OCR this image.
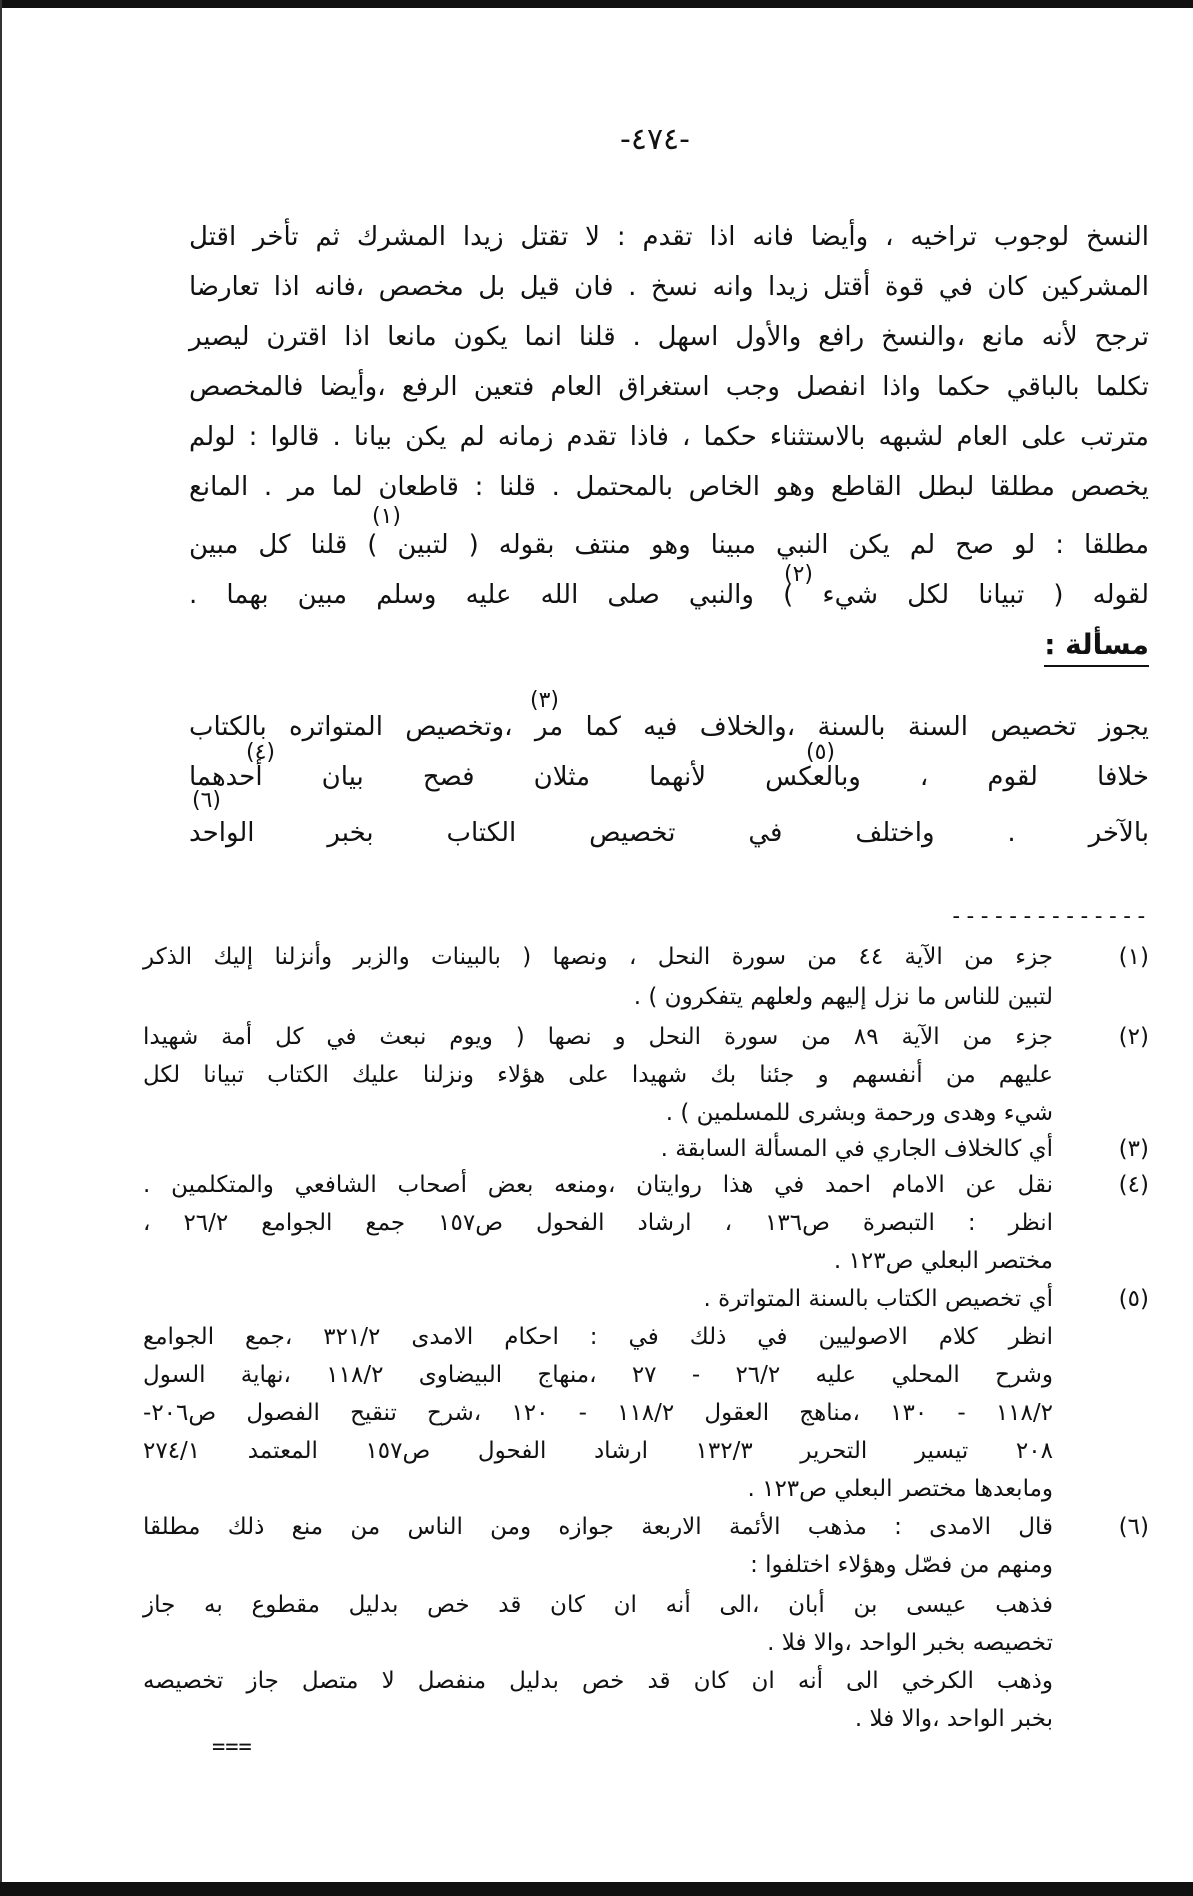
-٤٧٤-
النسخ لوجوب تراخيه ، وأيضا فانه اذا تقدم : لا تقتل زيدا المشرك ثم تأخر اقتل
المشركين كان في قوة أقتل زيدا وانه نسخ . فان قيل بل مخصص ،فانه اذا تعارضا
ترجح لأنه مانع ،والنسخ رافع والأول اسهل . قلنا انما يكون مانعا اذا اقترن ليصير
تكلما بالباقي حكما واذا انفصل وجب استغراق العام فتعين الرفع ،وأيضا فالمخصص
مترتب على العام لشبهه بالاستثناء حكما ، فاذا تقدم زمانه لم يكن بيانا . قالوا : لولم
يخصص مطلقا لبطل القاطع وهو الخاص بالمحتمل . قلنا : قاطعان لما مر . المانع
مطلقا : لو صح لم يكن النبي مبينا وهو منتف بقوله ( لتبين ) قلنا كل مبين
لقوله ( تبيانا لكل شيء ) والنبي صلى الله عليه وسلم مبين بهما .
(١)
(٢)
مسألة :
يجوز تخصيص السنة بالسنة ،والخلاف فيه كما مر ،وتخصيص المتواتره بالكتاب
خلافا لقوم ، وبالعكس لأنهما مثلان فصح بيان أحدهما
بالآخر . واختلف في تخصيص الكتاب بخبر الواحد
(٣)
(٤)	(٥)
(٦)
--------------
(١)
جزء من الآية ٤٤ من سورة النحل ، ونصها ( بالبينات والزبر وأنزلنا إليك الذكر
لتبين للناس ما نزل إليهم ولعلهم يتفكرون ) .
(٢)
جزء من الآية ٨٩ من سورة النحل و نصها ( ويوم نبعث في كل أمة شهيدا
عليهم من أنفسهم و جئنا بك شهيدا على هؤلاء ونزلنا عليك الكتاب تبيانا لكل
شيء وهدى ورحمة وبشرى للمسلمين ) .
(٣)
أي كالخلاف الجاري في المسألة السابقة .
(٤)
نقل عن الامام احمد في هذا روايتان ،ومنعه بعض أصحاب الشافعي والمتكلمين .
انظر : التبصرة ص١٣٦ ، ارشاد الفحول ص١٥٧ جمع الجوامع ٢٦/٢ ،
مختصر البعلي ص١٢٣ .
(٥)
أي تخصيص الكتاب بالسنة المتواترة .
انظر كلام الاصوليين في ذلك في : احكام الامدى ٣٢١/٢ ،جمع الجوامع
وشرح المحلي عليه ٢٦/٢ - ٢٧ ،منهاج البيضاوى ١١٨/٢ ،نهاية السول
١١٨/٢ - ١٣٠ ،مناهج العقول ١١٨/٢ - ١٢٠ ،شرح تنقيح الفصول ص٢٠٦-
٢٠٨ تيسير التحرير ١٣٢/٣ ارشاد الفحول ص١٥٧ المعتمد ٢٧٤/١
ومابعدها مختصر البعلي ص١٢٣ .
(٦)
قال الامدى : مذهب الأئمة الاربعة جوازه ومن الناس من منع ذلك مطلقا
ومنهم من فصّل وهؤلاء اختلفوا :
فذهب عيسى بن أبان ،الى أنه ان كان قد خص بدليل مقطوع به جاز
تخصيصه بخبر الواحد ،والا فلا .
وذهب الكرخي الى أنه ان كان قد خص بدليل منفصل لا متصل جاز تخصيصه
بخبر الواحد ،والا فلا .
===
